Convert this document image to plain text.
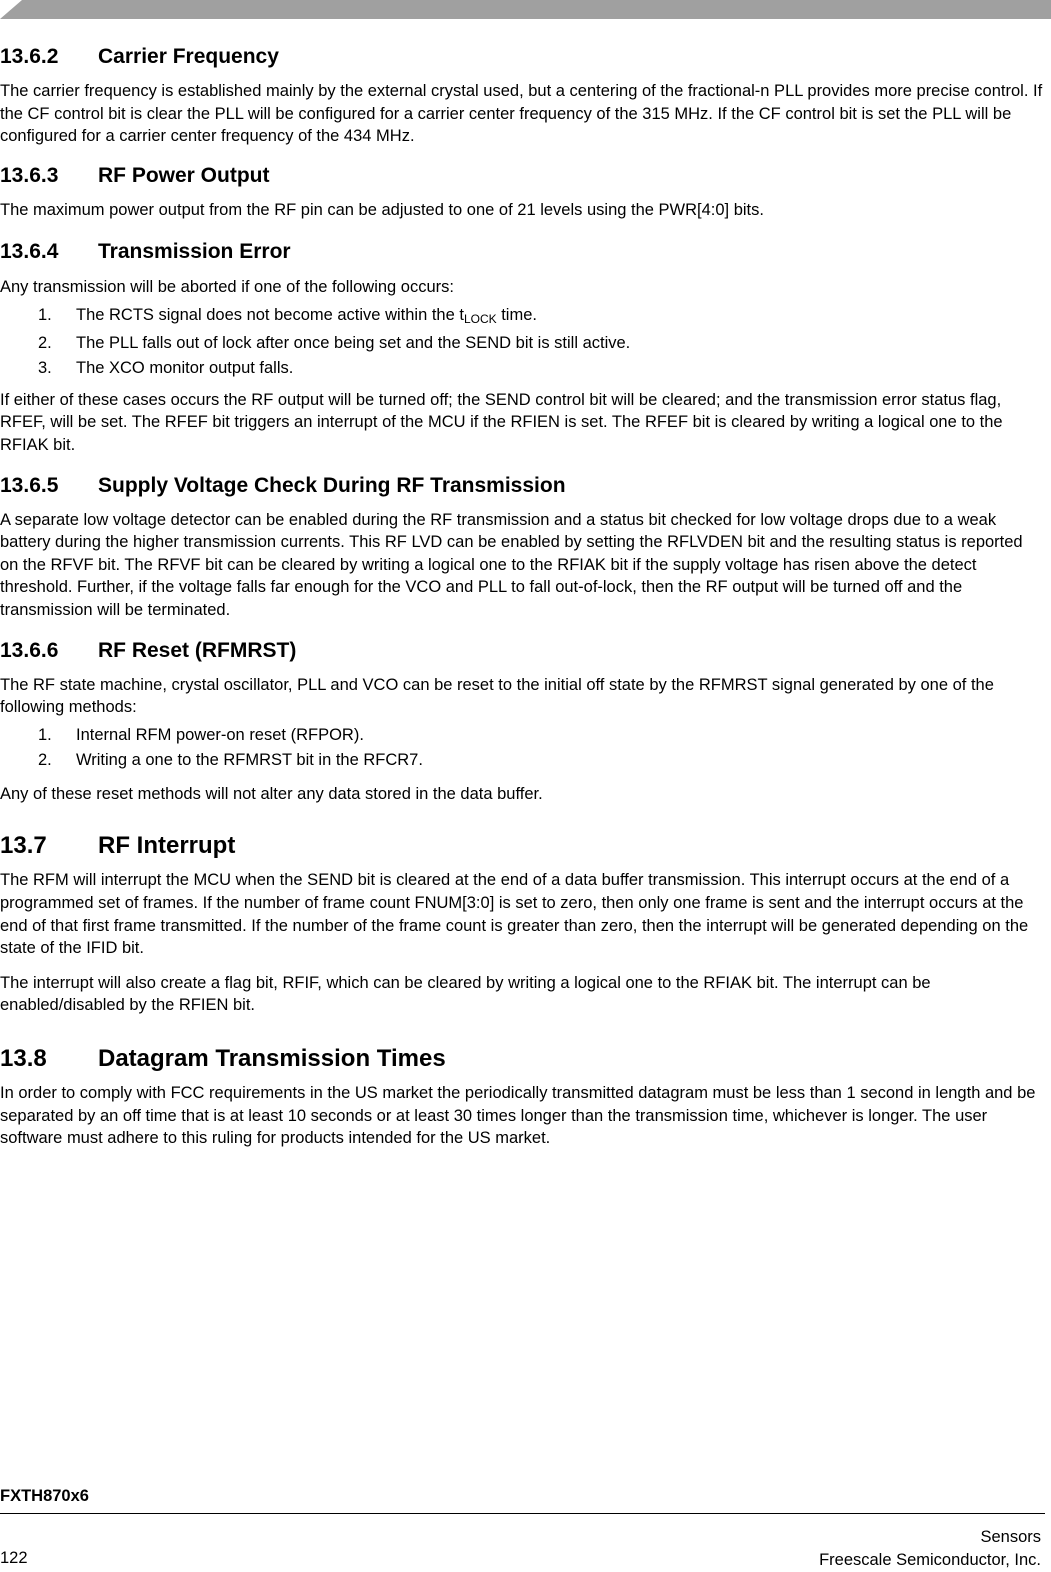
13.6.2 Carrier Frequency

The carrier frequency is established mainly by the external crystal used, but a centering of the fractional-n PLL provides more precise control. If the CF control bit is clear the PLL will be configured for a carrier center frequency of the 315 MHz. If the CF control bit is set the PLL will be configured for a carrier center frequency of the 434 MHz.

13.6.3 RF Power Output

The maximum power output from the RF pin can be adjusted to one of 21 levels using the PWR[4:0] bits.

13.6.4 Transmission Error

Any transmission will be aborted if one of the following occurs:

1.	The RCTS signal does not become active within the $t_{LOCK}$ time.
2.	The PLL falls out of lock after once being set and the SEND bit is still active.
3.	The XCO monitor output falls.

If either of these cases occurs the RF output will be turned off; the SEND control bit will be cleared; and the transmission error status flag, RFEF, will be set. The RFEF bit triggers an interrupt of the MCU if the RFIEN is set. The RFEF bit is cleared by writing a logical one to the RFIAK bit.

13.6.5 Supply Voltage Check During RF Transmission

A separate low voltage detector can be enabled during the RF transmission and a status bit checked for low voltage drops due to a weak battery during the higher transmission currents. This RF LVD can be enabled by setting the RFLVDEN bit and the resulting status is reported on the RFVF bit. The RFVF bit can be cleared by writing a logical one to the RFIAK bit if the supply voltage has risen above the detect threshold. Further, if the voltage falls far enough for the VCO and PLL to fall out-of-lock, then the RF output will be turned off and the transmission will be terminated.

13.6.6 RF Reset (RFMRST)

The RF state machine, crystal oscillator, PLL and VCO can be reset to the initial off state by the RFMRST signal generated by one of the following methods:

1.	Internal RFM power-on reset (RFPOR).
2.	Writing a one to the RFMRST bit in the RFCR7.

Any of these reset methods will not alter any data stored in the data buffer.

13.7 RF Interrupt

The RFM will interrupt the MCU when the SEND bit is cleared at the end of a data buffer transmission. This interrupt occurs at the end of a programmed set of frames. If the number of frame count FNUM[3:0] is set to zero, then only one frame is sent and the interrupt occurs at the end of that first frame transmitted. If the number of the frame count is greater than zero, then the interrupt will be generated depending on the state of the IFID bit.

The interrupt will also create a flag bit, RFIF, which can be cleared by writing a logical one to the RFIAK bit. The interrupt can be enabled/disabled by the RFIEN bit.

13.8 Datagram Transmission Times

In order to comply with FCC requirements in the US market the periodically transmitted datagram must be less than 1 second in length and be separated by an off time that is at least 10 seconds or at least 30 times longer than the transmission time, whichever is longer. The user software must adhere to this ruling for products intended for the US market.

FXTH870x6
122
Sensors
Freescale Semiconductor, Inc.
